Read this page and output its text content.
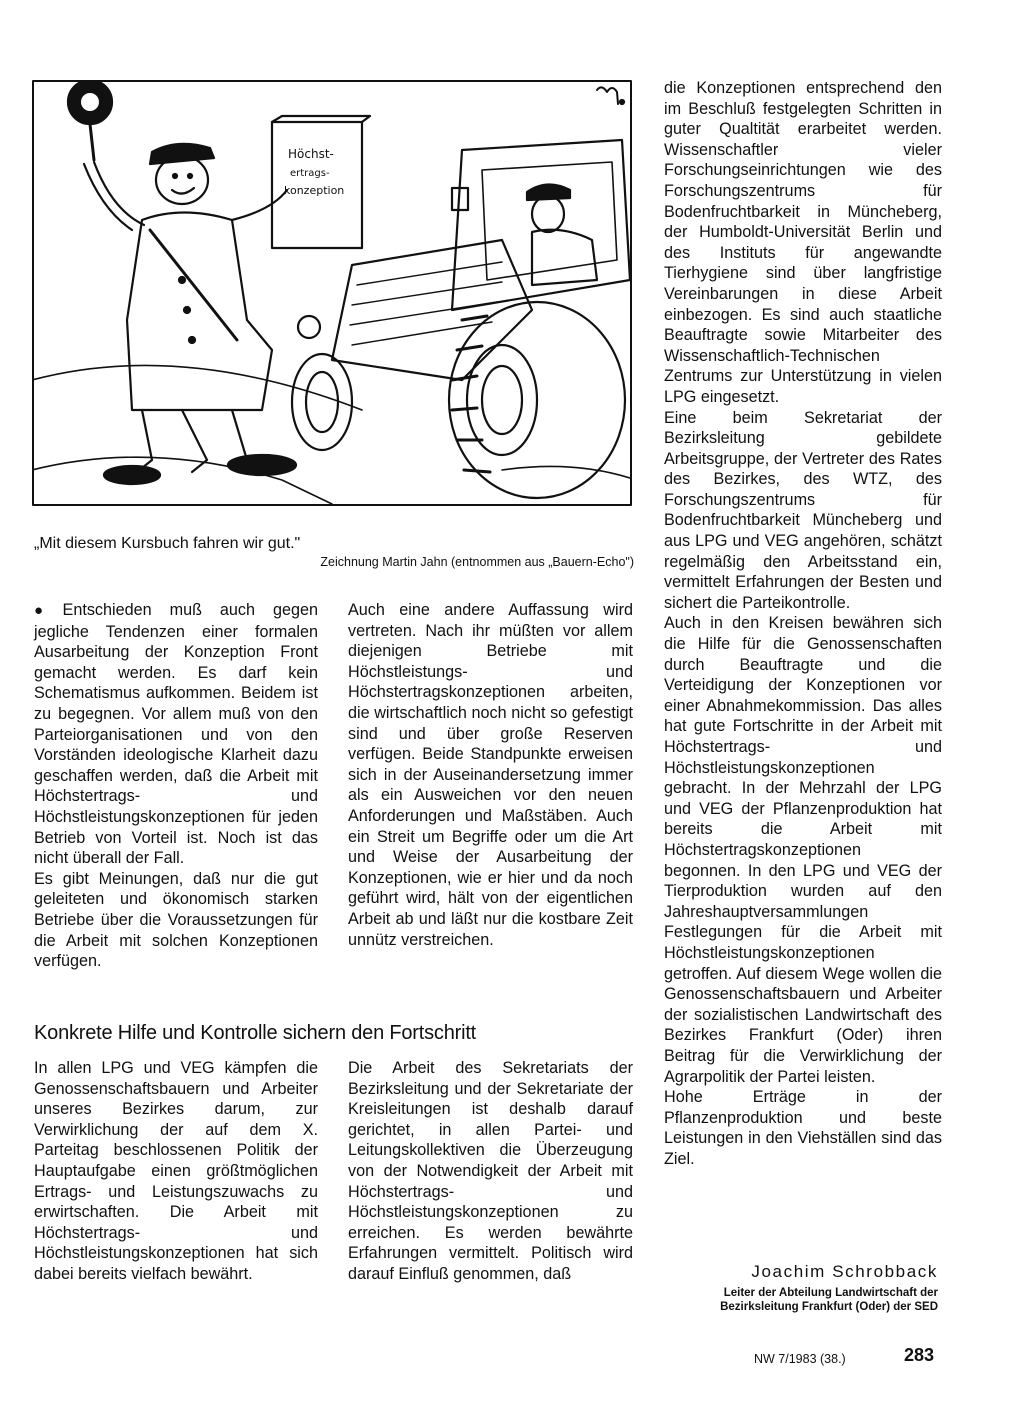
Höchst-
ertrags-
konzeption
„Mit diesem Kursbuch fahren wir gut."
Zeichnung Martin Jahn (entnommen aus „Bauern-Echo")

● Entschieden muß auch gegen jegliche Tendenzen einer formalen Ausarbeitung der Konzeption Front gemacht werden. Es darf kein Schematismus aufkommen. Beidem ist zu begegnen. Vor allem muß von den Parteiorganisationen und von den Vorständen ideologische Klarheit dazu geschaffen werden, daß die Arbeit mit Höchstertrags- und Höchstleistungskonzeptionen für jeden Betrieb von Vorteil ist. Noch ist das nicht überall der Fall.

Es gibt Meinungen, daß nur die gut geleiteten und ökonomisch starken Betriebe über die Voraussetzungen für die Arbeit mit solchen Konzeptionen verfügen.

Auch eine andere Auffassung wird vertreten. Nach ihr müßten vor allem diejenigen Betriebe mit Höchstleistungs- und Höchstertragskonzeptionen arbeiten, die wirtschaftlich noch nicht so gefestigt sind und über große Reserven verfügen. Beide Standpunkte erweisen sich in der Auseinandersetzung immer als ein Ausweichen vor den neuen Anforderungen und Maßstäben. Auch ein Streit um Begriffe oder um die Art und Weise der Ausarbeitung der Konzeptionen, wie er hier und da noch geführt wird, hält von der eigentlichen Arbeit ab und läßt nur die kostbare Zeit unnütz verstreichen.

Konkrete Hilfe und Kontrolle sichern den Fortschritt

In allen LPG und VEG kämpfen die Genossenschaftsbauern und Arbeiter unseres Bezirkes darum, zur Verwirklichung der auf dem X. Parteitag beschlossenen Politik der Hauptaufgabe einen größtmöglichen Ertrags- und Leistungszuwachs zu erwirtschaften. Die Arbeit mit Höchstertrags- und Höchstleistungskonzeptionen hat sich dabei bereits vielfach bewährt.

Die Arbeit des Sekretariats der Bezirksleitung und der Sekretariate der Kreisleitungen ist deshalb darauf gerichtet, in allen Partei- und Leitungskollektiven die Überzeugung von der Notwendigkeit der Arbeit mit Höchstertrags- und Höchstleistungskonzeptionen zu erreichen. Es werden bewährte Erfahrungen vermittelt. Politisch wird darauf Einfluß genommen, daß

die Konzeptionen entsprechend den im Beschluß festgelegten Schritten in guter Qualtität erarbeitet werden. Wissenschaftler vieler Forschungseinrichtungen wie des Forschungszentrums für Bodenfruchtbarkeit in Müncheberg, der Humboldt-Universität Berlin und des Instituts für angewandte Tierhygiene sind über langfristige Vereinbarungen in diese Arbeit einbezogen. Es sind auch staatliche Beauftragte sowie Mitarbeiter des Wissenschaftlich-Technischen Zentrums zur Unterstützung in vielen LPG eingesetzt.

Eine beim Sekretariat der Bezirksleitung gebildete Arbeitsgruppe, der Vertreter des Rates des Bezirkes, des WTZ, des Forschungszentrums für Bodenfruchtbarkeit Müncheberg und aus LPG und VEG angehören, schätzt regelmäßig den Arbeitsstand ein, vermittelt Erfahrungen der Besten und sichert die Parteikontrolle.

Auch in den Kreisen bewähren sich die Hilfe für die Genossenschaften durch Beauftragte und die Verteidigung der Konzeptionen vor einer Abnahmekommission. Das alles hat gute Fortschritte in der Arbeit mit Höchstertrags- und Höchstleistungskonzeptionen gebracht. In der Mehrzahl der LPG und VEG der Pflanzenproduktion hat bereits die Arbeit mit Höchstertragskonzeptionen begonnen. In den LPG und VEG der Tierproduktion wurden auf den Jahreshauptversammlungen Festlegungen für die Arbeit mit Höchstleistungskonzeptionen getroffen. Auf diesem Wege wollen die Genossenschaftsbauern und Arbeiter der sozialistischen Landwirtschaft des Bezirkes Frankfurt (Oder) ihren Beitrag für die Verwirklichung der Agrarpolitik der Partei leisten.

Hohe Erträge in der Pflanzenproduktion und beste Leistungen in den Viehställen sind das Ziel.

Joachim Schrobback
Leiter der Abteilung Landwirtschaft der
Bezirksleitung Frankfurt (Oder) der SED
NW 7/1983 (38.)	283
